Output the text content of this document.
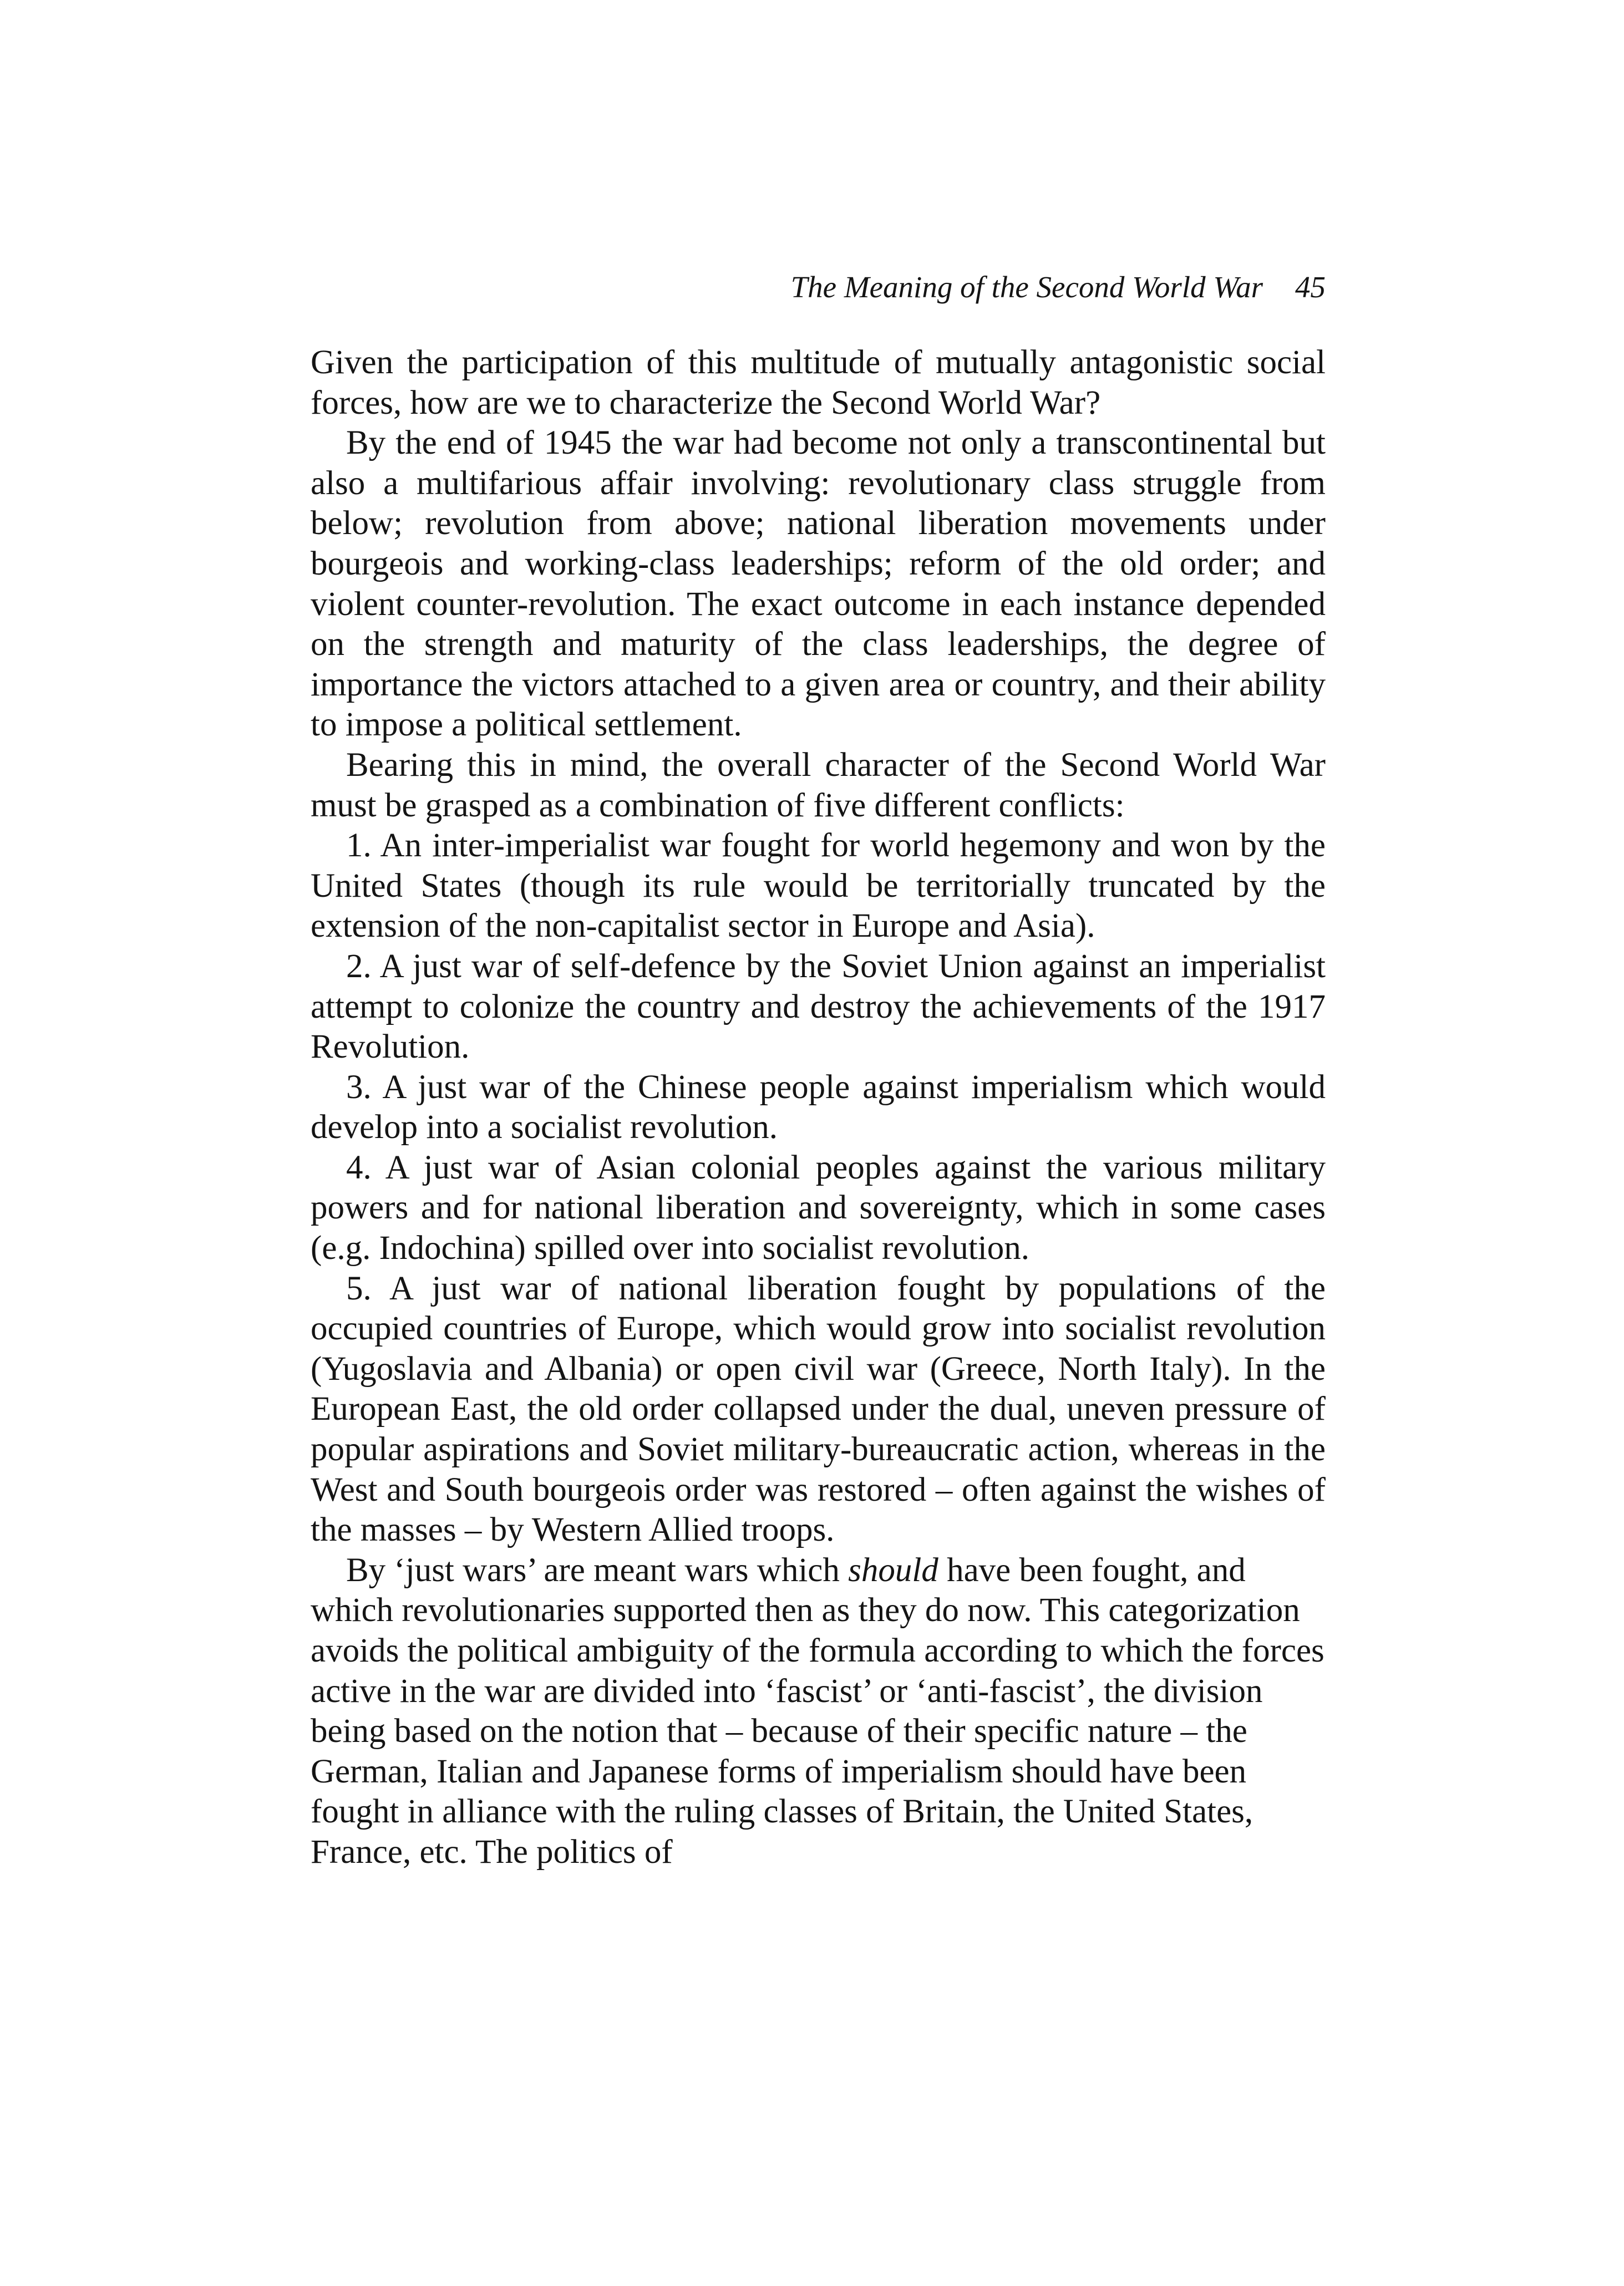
The Meaning of the Second World War 45

Given the participation of this multitude of mutually antagonistic social forces, how are we to characterize the Second World War?

By the end of 1945 the war had become not only a transcontinental but also a multifarious affair involving: revolutionary class struggle from below; revolution from above; national liberation movements under bourgeois and working-class leaderships; reform of the old order; and violent counter-revolution. The exact outcome in each instance depended on the strength and maturity of the class leaderships, the degree of importance the victors attached to a given area or country, and their ability to impose a political settlement.

Bearing this in mind, the overall character of the Second World War must be grasped as a combination of five different conflicts:

1. An inter-imperialist war fought for world hegemony and won by the United States (though its rule would be territorially truncated by the extension of the non-capitalist sector in Europe and Asia).

2. A just war of self-defence by the Soviet Union against an imperialist attempt to colonize the country and destroy the achievements of the 1917 Revolution.

3. A just war of the Chinese people against imperialism which would develop into a socialist revolution.

4. A just war of Asian colonial peoples against the various military powers and for national liberation and sovereignty, which in some cases (e.g. Indochina) spilled over into socialist revolution.

5. A just war of national liberation fought by populations of the occupied countries of Europe, which would grow into socialist revolution (Yugoslavia and Albania) or open civil war (Greece, North Italy). In the European East, the old order collapsed under the dual, uneven pressure of popular aspirations and Soviet military-bureaucratic action, whereas in the West and South bourgeois order was restored – often against the wishes of the masses – by Western Allied troops.

By ‘just wars’ are meant wars which should have been fought, and which revolutionaries supported then as they do now. This categorization avoids the political ambiguity of the formula according to which the forces active in the war are divided into ‘fascist’ or ‘anti-fascist’, the division being based on the notion that – because of their specific nature – the German, Italian and Japanese forms of imperialism should have been fought in alliance with the ruling classes of Britain, the United States, France, etc. The politics of
